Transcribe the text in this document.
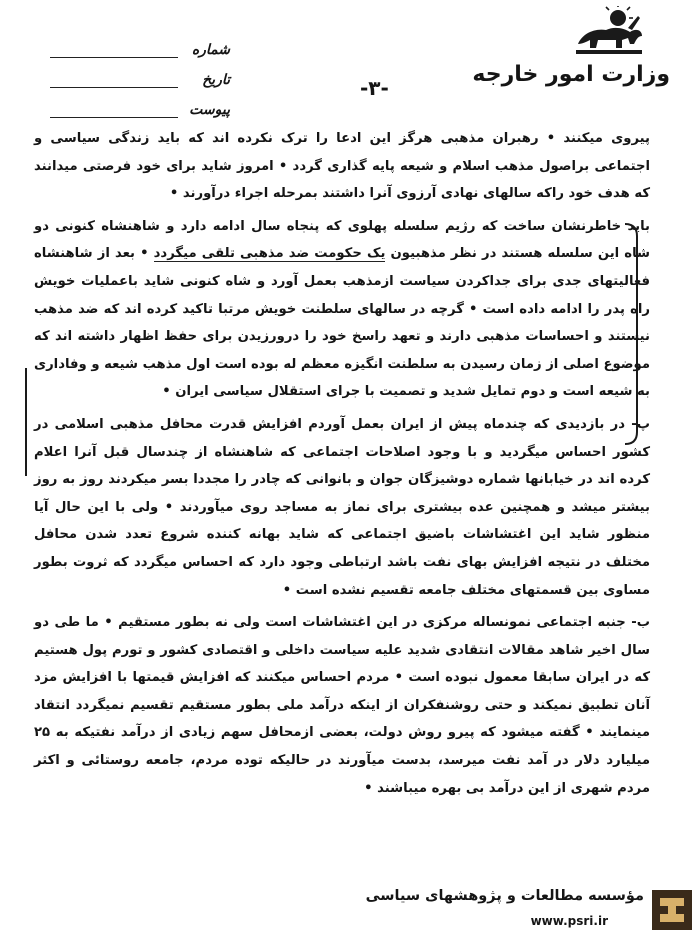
وزارت امور خارجه
-۳-
شماره
تاریخ
پیوست

پیروی میکنند • رهبران مذهبی هرگز این ادعا را ترک نکرده اند که باید زندگی سیاسی و اجتماعی براصول مذهب اسلام و شیعه پایه گذاری گردد • امروز شاید برای خود فرصتی میدانند که هدف خود راکه سالهای نهادی آرزوی آنرا داشتند بمرحله اجراء درآورند •

باید خاطرنشان ساخت که رژیم سلسله پهلوی که پنجاه سال ادامه دارد و شاهنشاه کنونی دو شاه این سلسله هستند در نظر مذهبیون یک حکومت ضد مذهبی تلقی میگردد • بعد از شاهنشاه فعالیتهای جدی برای جداکردن سیاست ازمذهب بعمل آورد و شاه کنونی شاید باعملیات خویش راه پدر را ادامه داده است • گرچه در سالهای سلطنت خویش مرتبا تاکید کرده اند که ضد مذهب نیستند و احساسات مذهبی دارند و تعهد راسخ خود را درورزیدن برای حفظ اظهار داشته اند که موضوع اصلی از زمان رسیدن به سلطنت انگیزه معظم له بوده است اول مذهب شیعه و وفاداری به شیعه است و دوم تمایل شدید و تصمیت با جرای استقلال سیاسی ایران •

پ- در بازدیدی که چندماه پیش از ایران بعمل آوردم افزایش قدرت محافل مذهبی اسلامی در کشور احساس میگردید و با وجود اصلاحات اجتماعی که شاهنشاه از چندسال قبل آنرا اعلام کرده اند در خیابانها شماره دوشیزگان جوان و بانوانی که چادر را مجددا بسر میکردند روز به روز بیشتر میشد و همچنین عده بیشتری برای نماز به مساجد روی میآوردند • ولی با این حال آیا منظور شاید این اغتشاشات باضیق اجتماعی که شاید بهانه کننده شروع تعدد شدن محافل مختلف در نتیجه افزایش بهای نفت باشد ارتباطی وجود دارد که احساس میگردد که ثروت بطور مساوی بین قسمتهای مختلف جامعه تقسیم نشده است •

ب- جنبه اجتماعی نمونساله مرکزی در این اغتشاشات است ولی نه بطور مستقیم • ما طی دو سال اخیر شاهد مقالات انتقادی شدید علیه سیاست داخلی و اقتصادی کشور و تورم پول هستیم که در ایران سابقا معمول نبوده است • مردم احساس میکنند که افزایش قیمتها با افزایش مزد آنان تطبیق نمیکند و حتی روشنفکران از اینکه درآمد ملی بطور مستقیم تقسیم نمیگردد انتقاد مینمایند • گفته میشود که پیرو روش دولت، بعضی ازمحافل سهم زیادی از درآمد نفتیکه به ۲۵ میلیارد دلار در آمد نفت میرسد، بدست میآورند در حالیکه توده مردم، جامعه روستائی و اکثر مردم شهری از این درآمد بی بهره میباشند •

مؤسسه مطالعات و پژوهشهای سیاسی
www.psri.ir
